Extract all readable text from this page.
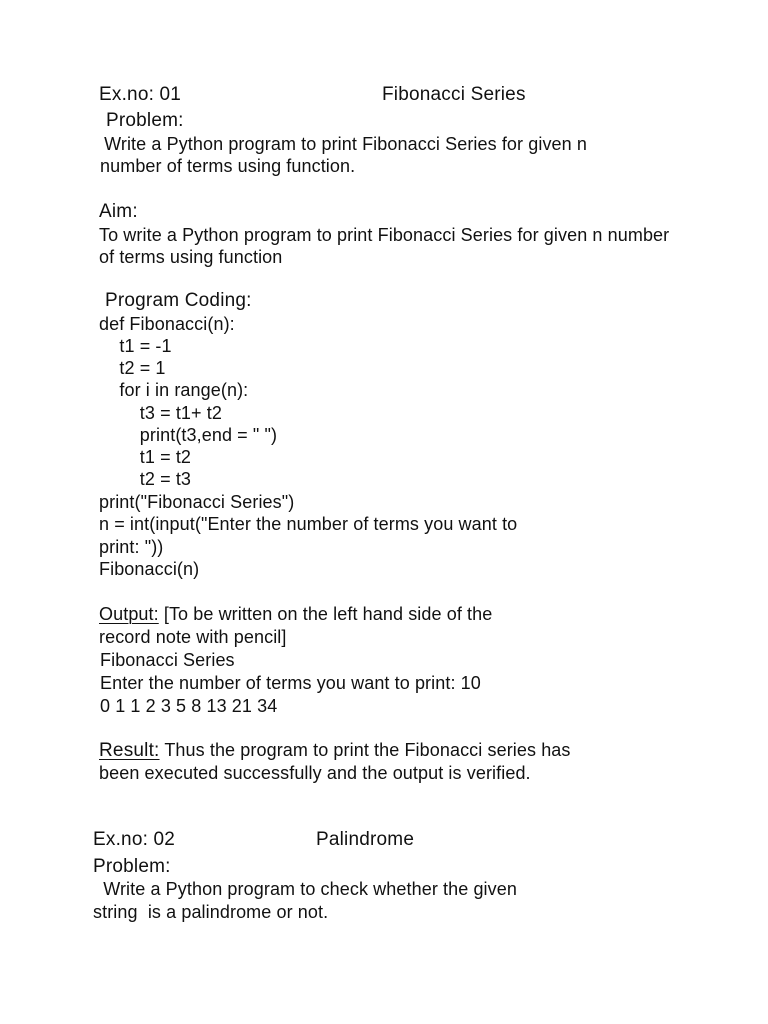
Ex.no: 01	Fibonacci Series
Problem:
Write a Python program to print Fibonacci Series for given n
number of terms using function.
Aim:
To write a Python program to print Fibonacci Series for given n number
of terms using function
Program Coding:
def Fibonacci(n):
t1 = -1
t2 = 1
for i in range(n):
t3 = t1+ t2
print(t3,end = " ")
t1 = t2
t2 = t3
print("Fibonacci Series")
n = int(input("Enter the number of terms you want to
print: "))
Fibonacci(n)
Output: [To be written on the left hand side of the
record note with pencil]
Fibonacci Series
Enter the number of terms you want to print: 10
0 1 1 2 3 5 8 13 21 34
Result: Thus the program to print the Fibonacci series has
been executed successfully and the output is verified.
Ex.no: 02	Palindrome
Problem:
Write a Python program to check whether the given
string  is a palindrome or not.
